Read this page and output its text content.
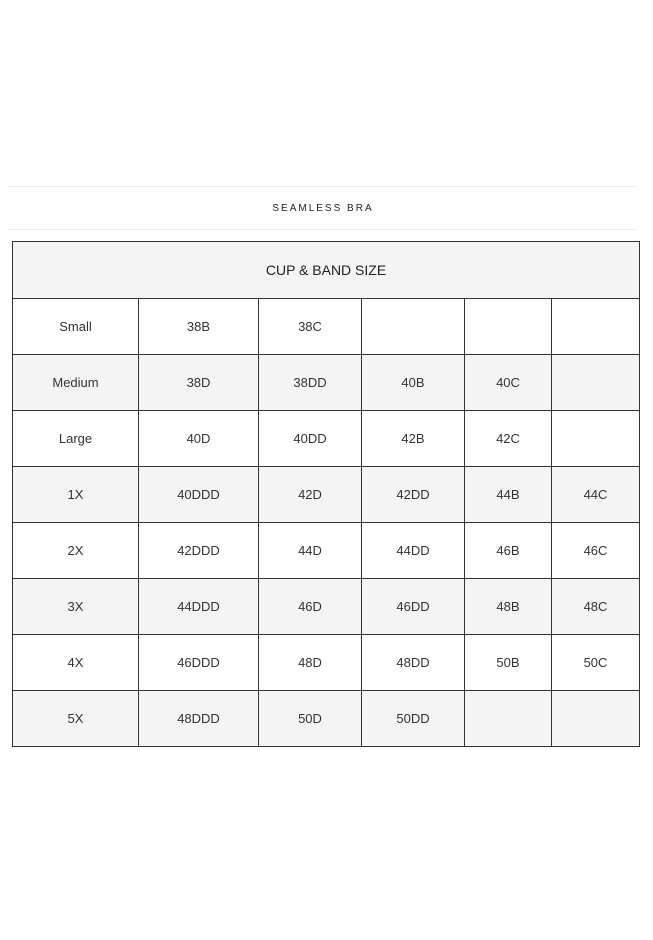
SEAMLESS BRA
CUP & BAND SIZE					
Small	38B	38C			
Medium	38D	38DD	40B	40C	
Large	40D	40DD	42B	42C	
1X	40DDD	42D	42DD	44B	44C
2X	42DDD	44D	44DD	46B	46C
3X	44DDD	46D	46DD	48B	48C
4X	46DDD	48D	48DD	50B	50C
5X	48DDD	50D	50DD		
